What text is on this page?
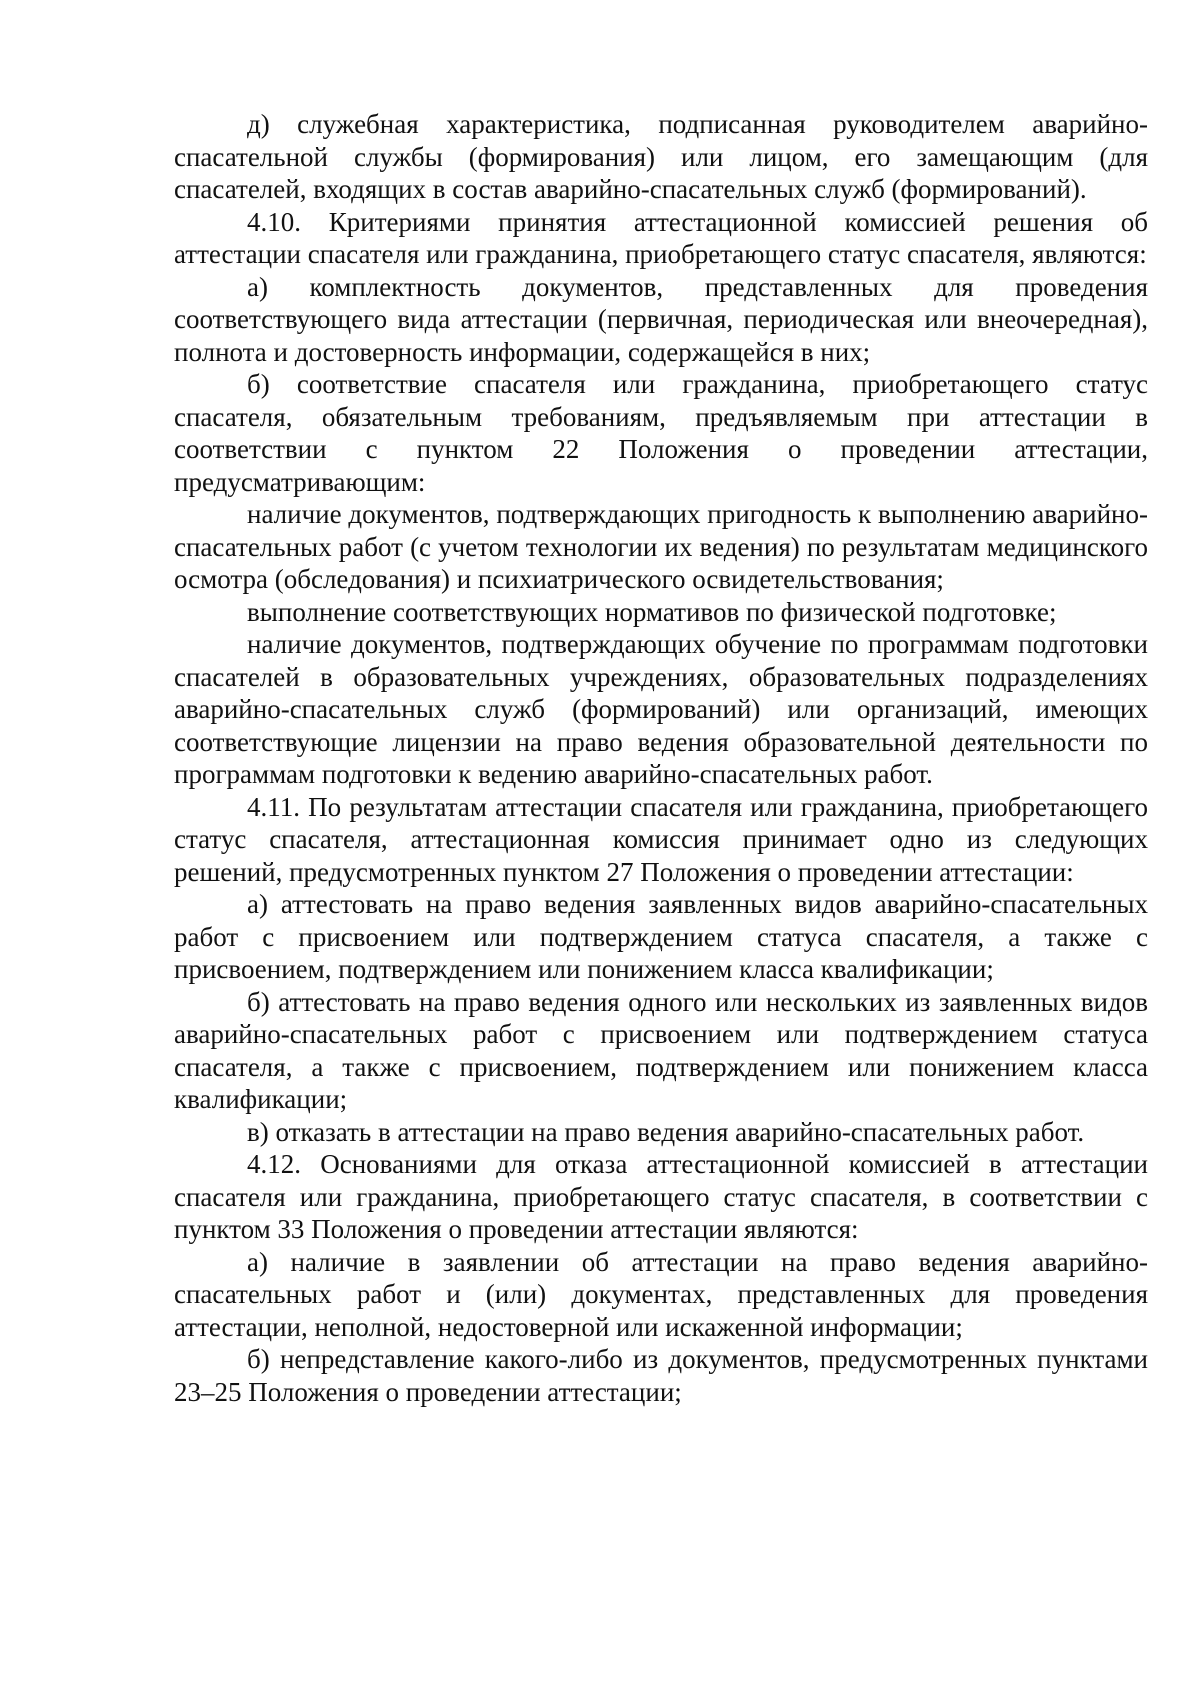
д) служебная характеристика, подписанная руководителем аварийно-спасательной службы (формирования) или лицом, его замещающим (для спасателей, входящих в состав аварийно-спасательных служб (формирований).

4.10. Критериями принятия аттестационной комиссией решения об аттестации спасателя или гражданина, приобретающего статус спасателя, являются:

а) комплектность документов, представленных для проведения соответствующего вида аттестации (первичная, периодическая или внеочередная), полнота и достоверность информации, содержащейся в них;

б) соответствие спасателя или гражданина, приобретающего статус спасателя, обязательным требованиям, предъявляемым при аттестации в соответствии с пунктом 22 Положения о проведении аттестации, предусматривающим:

наличие документов, подтверждающих пригодность к выполнению аварийно-спасательных работ (с учетом технологии их ведения) по результатам медицинского осмотра (обследования) и психиатрического освидетельствования;

выполнение соответствующих нормативов по физической подготовке;

наличие документов, подтверждающих обучение по программам подготовки спасателей в образовательных учреждениях, образовательных подразделениях аварийно-спасательных служб (формирований) или организаций, имеющих соответствующие лицензии на право ведения образовательной деятельности по программам подготовки к ведению аварийно-спасательных работ.

4.11. По результатам аттестации спасателя или гражданина, приобретающего статус спасателя, аттестационная комиссия принимает одно из следующих решений, предусмотренных пунктом 27 Положения о проведении аттестации:

а) аттестовать на право ведения заявленных видов аварийно-спасательных работ с присвоением или подтверждением статуса спасателя, а также с присвоением, подтверждением или понижением класса квалификации;

б) аттестовать на право ведения одного или нескольких из заявленных видов аварийно-спасательных работ с присвоением или подтверждением статуса спасателя, а также с присвоением, подтверждением или понижением класса квалификации;

в) отказать в аттестации на право ведения аварийно-спасательных работ.

4.12. Основаниями для отказа аттестационной комиссией в аттестации спасателя или гражданина, приобретающего статус спасателя, в соответствии с пунктом 33 Положения о проведении аттестации являются:

а) наличие в заявлении об аттестации на право ведения аварийно-спасательных работ и (или) документах, представленных для проведения аттестации, неполной, недостоверной или искаженной информации;

б) непредставление какого-либо из документов, предусмотренных пунктами 23–25 Положения о проведении аттестации;
